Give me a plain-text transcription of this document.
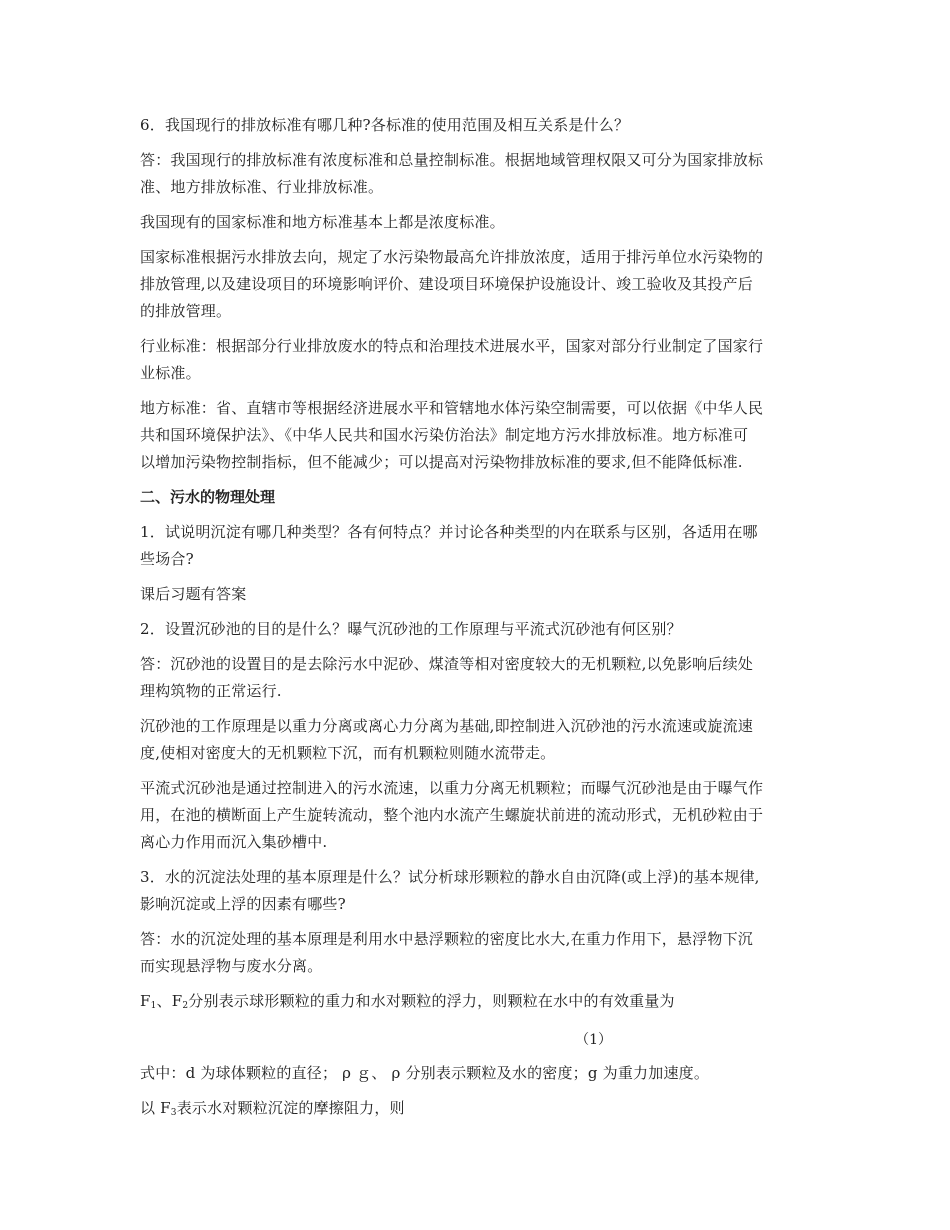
6．我国现行的排放标准有哪几种?各标准的使用范围及相互关系是什么？

答：我国现行的排放标准有浓度标准和总量控制标准。根据地域管理权限又可分为国家排放标
准、地方排放标准、行业排放标准。

我国现有的国家标准和地方标准基本上都是浓度标准。

国家标准根据污水排放去向，规定了水污染物最高允许排放浓度，适用于排污单位水污染物的
排放管理,以及建设项目的环境影响评价、建设项目环境保护设施设计、竣工验收及其投产后
的排放管理。

行业标准：根据部分行业排放废水的特点和治理技术进展水平，国家对部分行业制定了国家行
业标准。

地方标准：省、直辖市等根据经济进展水平和管辖地水体污染空制需要，可以依据《中华人民
共和国环境保护法》、《中华人民共和国水污染仿治法》制定地方污水排放标准。地方标准可
以增加污染物控制指标，但不能减少；可以提高对污染物排放标准的要求,但不能降低标准.

二、污水的物理处理

1．试说明沉淀有哪几种类型？各有何特点？并讨论各种类型的内在联系与区别，各适用在哪
些场合?

课后习题有答案

2．设置沉砂池的目的是什么？曝气沉砂池的工作原理与平流式沉砂池有何区别？

答：沉砂池的设置目的是去除污水中泥砂、煤渣等相对密度较大的无机颗粒,以免影响后续处
理构筑物的正常运行.

沉砂池的工作原理是以重力分离或离心力分离为基础,即控制进入沉砂池的污水流速或旋流速
度,使相对密度大的无机颗粒下沉，而有机颗粒则随水流带走。

平流式沉砂池是通过控制进入的污水流速，以重力分离无机颗粒；而曝气沉砂池是由于曝气作
用，在池的横断面上产生旋转流动，整个池内水流产生螺旋状前进的流动形式，无机砂粒由于
离心力作用而沉入集砂槽中.

3．水的沉淀法处理的基本原理是什么？试分析球形颗粒的静水自由沉降(或上浮)的基本规律,
影响沉淀或上浮的因素有哪些?

答：水的沉淀处理的基本原理是利用水中悬浮颗粒的密度比水大,在重力作用下，悬浮物下沉
而实现悬浮物与废水分离。

$F_1$、$F_2$分别表示球形颗粒的重力和水对颗粒的浮力，则颗粒在水中的有效重量为

（1）

式中：d 为球体颗粒的直径； ρ ｇ、 ρ 分别表示颗粒及水的密度；g 为重力加速度。

以 $F_3$表示水对颗粒沉淀的摩擦阻力，则
